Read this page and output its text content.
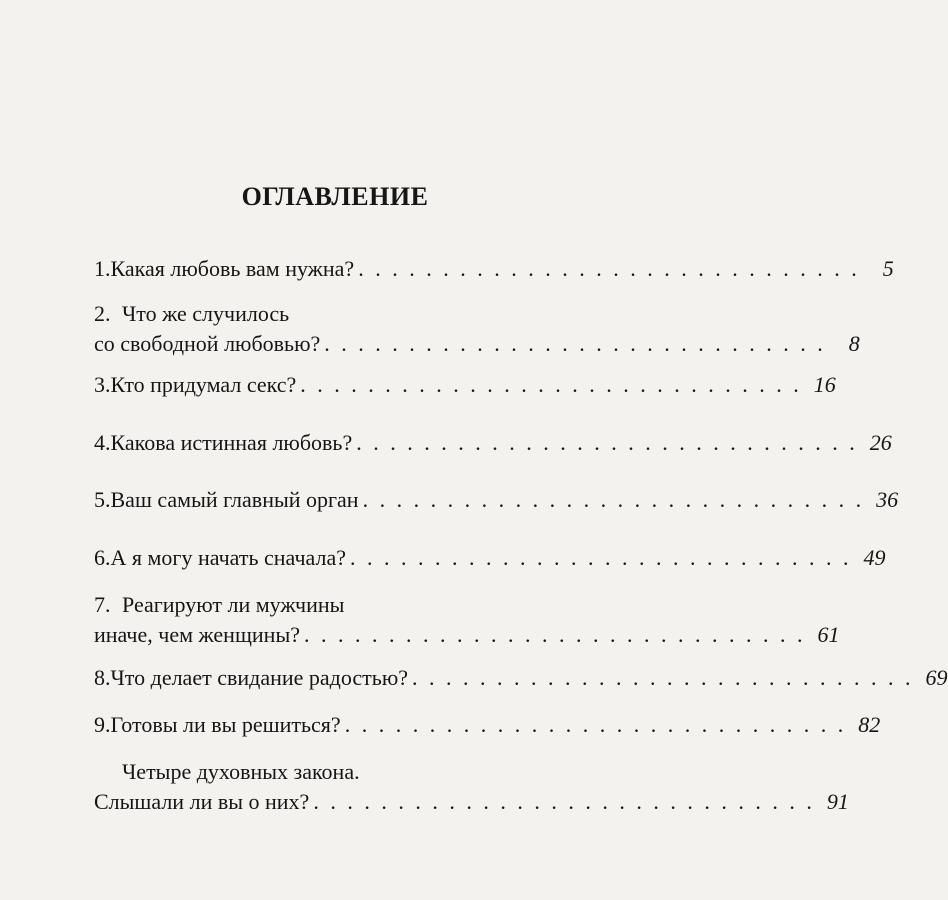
ОГЛАВЛЕНИЕ
1. Какая любовь вам нужна? . . . . . . . . . . . . . . . . . . . . . . . . . . . . . .	5
2. Что же случилось
со свободной любовью? . . . . . . . . . . . . . . . . . . . . . . . . . . . . . .	8
3. Кто придумал секс? . . . . . . . . . . . . . . . . . . . . . . . . . . . . . . 16
4. Какова истинная любовь? . . . . . . . . . . . . . . . . . . . . . . . . . . . . . . 26
5. Ваш самый главный орган . . . . . . . . . . . . . . . . . . . . . . . . . . . . . . 36
6. А я могу начать сначала? . . . . . . . . . . . . . . . . . . . . . . . . . . . . . . 49
7. Реагируют ли мужчины
иначе, чем женщины? . . . . . . . . . . . . . . . . . . . . . . . . . . . . . . 61
8. Что делает свидание радостью? . . . . . . . . . . . . . . . . . . . . . . . . . . . . . . 69
9. Готовы ли вы решиться? . . . . . . . . . . . . . . . . . . . . . . . . . . . . . . 82
Четыре духовных закона.
Слышали ли вы о них? . . . . . . . . . . . . . . . . . . . . . . . . . . . . . . 91
